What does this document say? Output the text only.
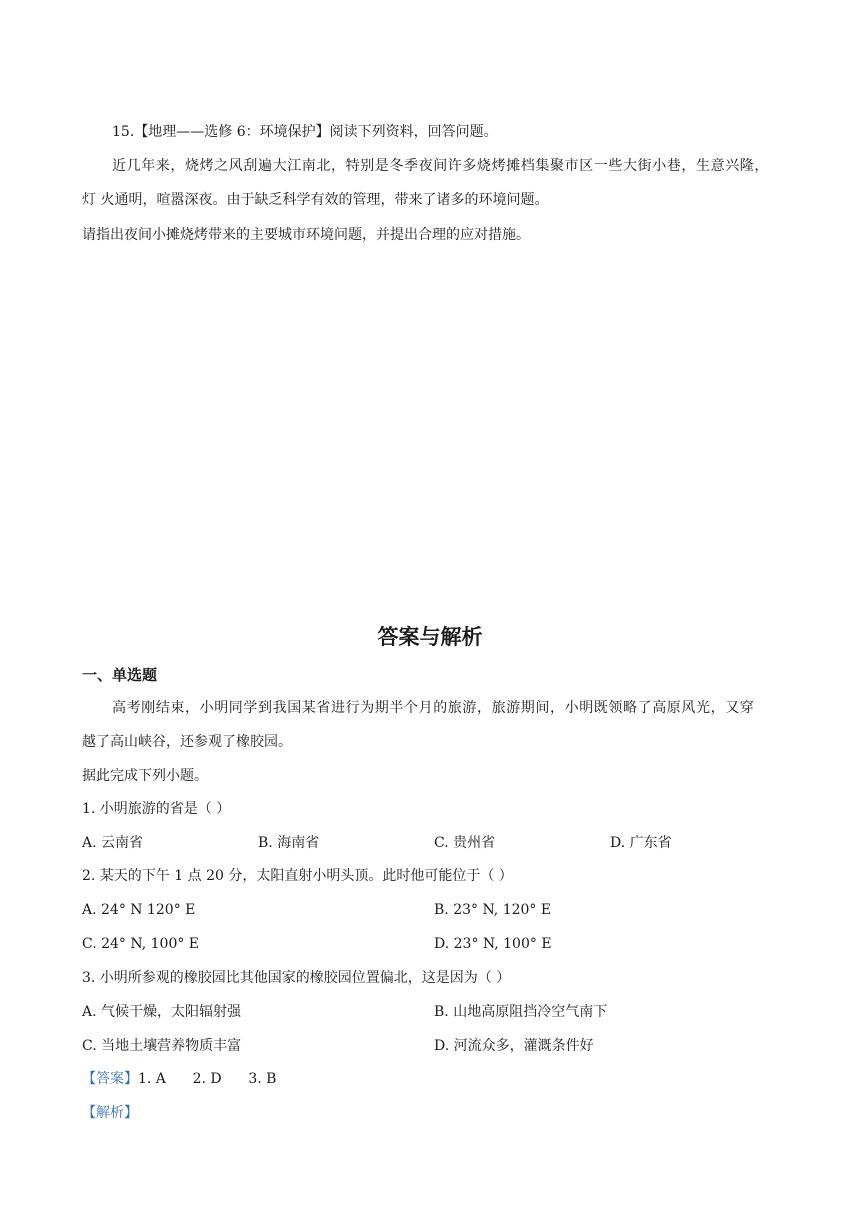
15.【地理——选修 6：环境保护】阅读下列资料，回答问题。
近几年来，烧烤之风刮遍大江南北，特别是冬季夜间许多烧烤摊档集聚市区一些大街小巷，生意兴隆，
灯 火通明，喧嚣深夜。由于缺乏科学有效的管理，带来了诸多的环境问题。
请指出夜间小摊烧烤带来的主要城市环境问题，并提出合理的应对措施。
答案与解析
一、单选题
高考刚结束，小明同学到我国某省进行为期半个月的旅游，旅游期间，小明既领略了高原风光，又穿
越了高山峡谷，还参观了橡胶园。
据此完成下列小题。
1. 小明旅游的省是（ ）
A. 云南省	B. 海南省	C. 贵州省	D. 广东省
2. 某天的下午 1 点 20 分，太阳直射小明头顶。此时他可能位于（ ）
A. 24° N 120° E	B. 23° N, 120° E
C. 24° N, 100° E	D. 23° N, 100° E
3. 小明所参观的橡胶园比其他国家的橡胶园位置偏北，这是因为（ ）
A. 气候干燥，太阳辐射强	B. 山地高原阻挡冷空气南下
C. 当地土壤营养物质丰富	D. 河流众多，灌溉条件好
【答案】1. A      2. D      3. B
【解析】
